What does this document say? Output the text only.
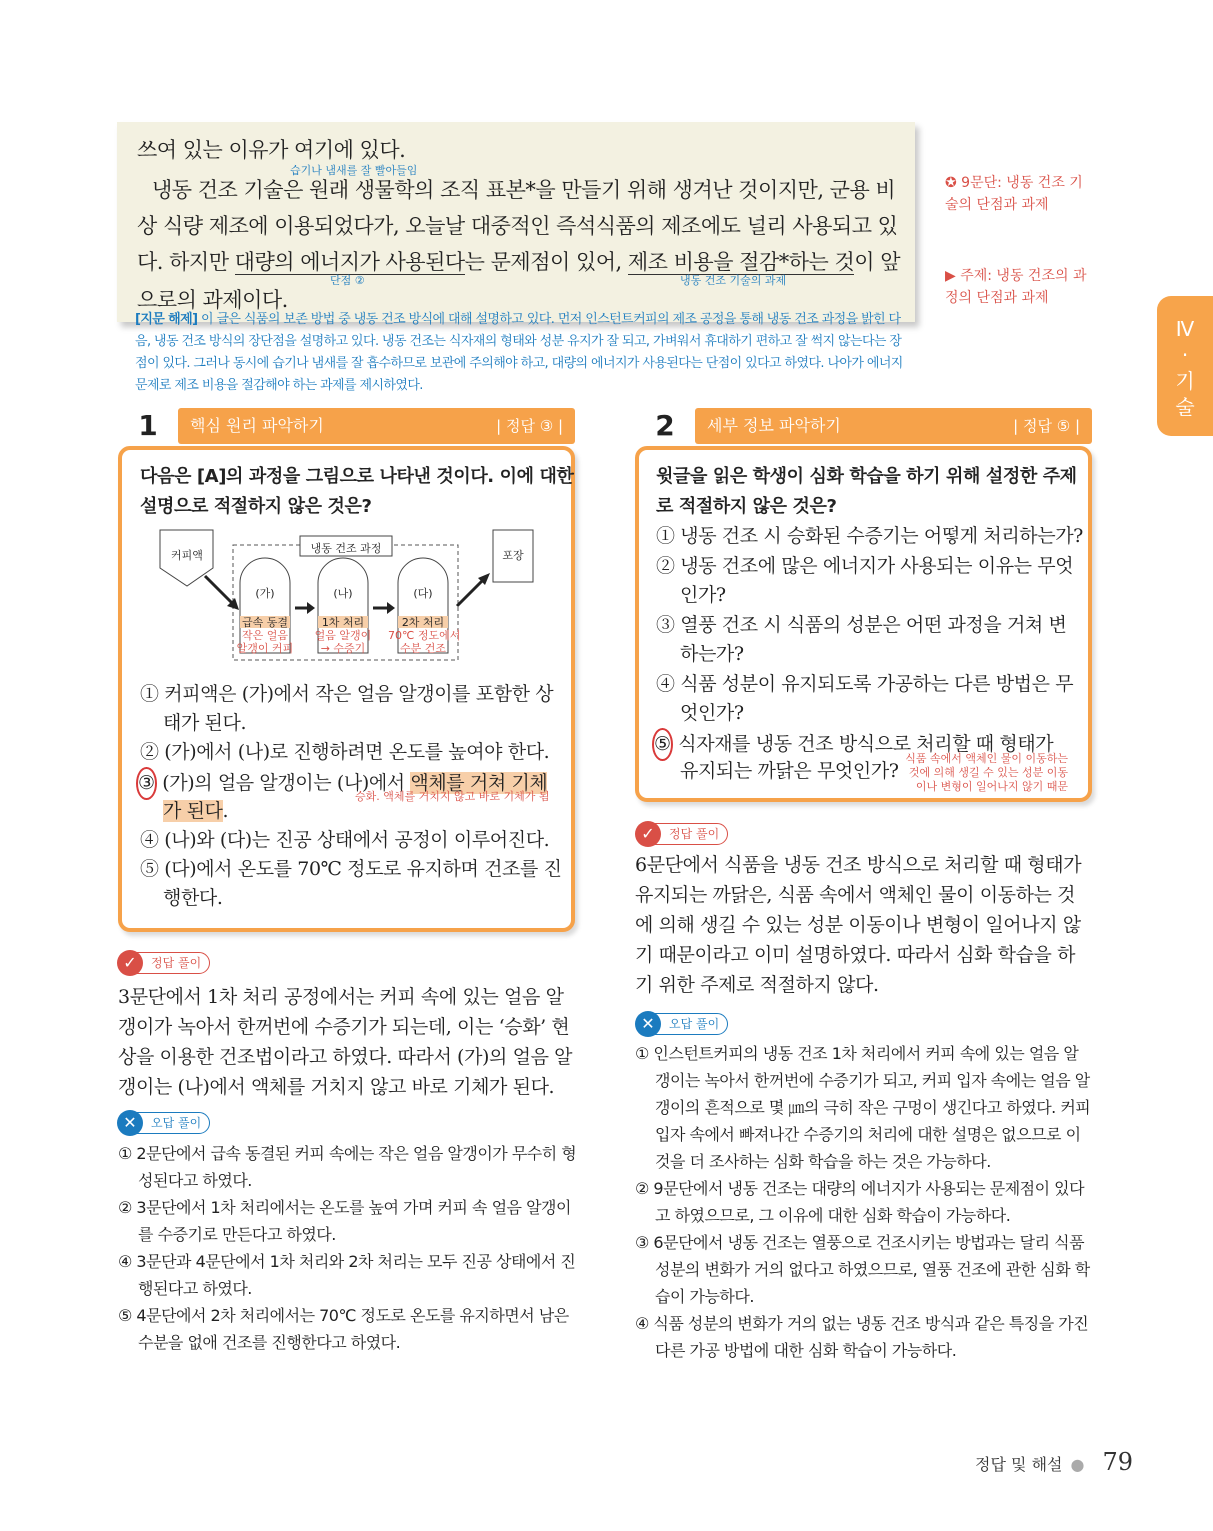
쓰여 있는 이유가 여기에 있다.
습기나 냄새를 잘 빨아들임
냉동 건조 기술은 원래 생물학의 조직 표본*을 만들기 위해 생겨난 것이지만, 군용 비
상 식량 제조에 이용되었다가, 오늘날 대중적인 즉석식품의 제조에도 널리 사용되고 있
다. 하지만 대량의 에너지가 사용된다는 문제점이 있어, 제조 비용을 절감*하는 것이 앞
단점 ②	냉동 건조 기술의 과제
으로의 과제이다.
[지문 해제] 이 글은 식품의 보존 방법 중 냉동 건조 방식에 대해 설명하고 있다. 먼저 인스턴트커피의 제조 공정을 통해 냉동 건조 과정을 밝힌 다음, 냉동 건조 방식의 장단점을 설명하고 있다. 냉동 건조는 식자재의 형태와 성분 유지가 잘 되고, 가벼워서 휴대하기 편하고 잘 썩지 않는다는 장점이 있다. 그러나 동시에 습기나 냄새를 잘 흡수하므로 보관에 주의해야 하고, 대량의 에너지가 사용된다는 단점이 있다고 하였다. 나아가 에너지 문제로 제조 비용을 절감해야 하는 과제를 제시하였다.
✪ 9문단: 냉동 건조 기술의 단점과 과제
▶ 주제: 냉동 건조의 과정의 단점과 과제
Ⅳ
·
기
술
1	핵심 원리 파악하기	| 정답 ③ |
다음은 [A]의 과정을 그림으로 나타낸 것이다. 이에 대한
설명으로 적절하지 않은 것은?
커피액
냉동 건조 과정
포장
(가)	(나)	(다)
급속 동결
작은 얼음
알갱이 커피
1차 처리
얼음 알갱이
→ 수증기
2차 처리
70℃ 정도에서
수분 건조
① 커피액은 (가)에서 작은 얼음 알갱이를 포함한 상
태가 된다.
② (가)에서 (나)로 진행하려면 온도를 높여야 한다.
③ (가)의 얼음 알갱이는 (나)에서 액체를 거쳐 기체
승화. 액체를 거치지 않고 바로 기체가 됨
가 된다.
④ (나)와 (다)는 진공 상태에서 공정이 이루어진다.
⑤ (다)에서 온도를 70℃ 정도로 유지하며 건조를 진
행한다.
2	세부 정보 파악하기	| 정답 ⑤ |
윗글을 읽은 학생이 심화 학습을 하기 위해 설정한 주제
로 적절하지 않은 것은?
① 냉동 건조 시 승화된 수증기는 어떻게 처리하는가?
② 냉동 건조에 많은 에너지가 사용되는 이유는 무엇
인가?
③ 열풍 건조 시 식품의 성분은 어떤 과정을 거쳐 변
하는가?
④ 식품 성분이 유지되도록 가공하는 다른 방법은 무
엇인가?
⑤ 식자재를 냉동 건조 방식으로 처리할 때 형태가
유지되는 까닭은 무엇인가?
식품 속에서 액체인 물이 이동하는
것에 의해 생길 수 있는 성분 이동
이나 변형이 일어나지 않기 때문
✓	정답 풀이
3문단에서 1차 처리 공정에서는 커피 속에 있는 얼음 알갱이가 녹아서 한꺼번에 수증기가 되는데, 이는 ‘승화’ 현상을 이용한 건조법이라고 하였다. 따라서 (가)의 얼음 알갱이는 (나)에서 액체를 거치지 않고 바로 기체가 된다.
✕	오답 풀이
① 2문단에서 급속 동결된 커피 속에는 작은 얼음 알갱이가 무수히 형성된다고 하였다.
② 3문단에서 1차 처리에서는 온도를 높여 가며 커피 속 얼음 알갱이를 수증기로 만든다고 하였다.
④ 3문단과 4문단에서 1차 처리와 2차 처리는 모두 진공 상태에서 진행된다고 하였다.
⑤ 4문단에서 2차 처리에서는 70℃ 정도로 온도를 유지하면서 남은 수분을 없애 건조를 진행한다고 하였다.
✓	정답 풀이
6문단에서 식품을 냉동 건조 방식으로 처리할 때 형태가 유지되는 까닭은, 식품 속에서 액체인 물이 이동하는 것에 의해 생길 수 있는 성분 이동이나 변형이 일어나지 않기 때문이라고 이미 설명하였다. 따라서 심화 학습을 하기 위한 주제로 적절하지 않다.
✕	오답 풀이
① 인스턴트커피의 냉동 건조 1차 처리에서 커피 속에 있는 얼음 알갱이는 녹아서 한꺼번에 수증기가 되고, 커피 입자 속에는 얼음 알갱이의 흔적으로 몇 ㎛의 극히 작은 구멍이 생긴다고 하였다. 커피 입자 속에서 빠져나간 수증기의 처리에 대한 설명은 없으므로 이것을 더 조사하는 심화 학습을 하는 것은 가능하다.
② 9문단에서 냉동 건조는 대량의 에너지가 사용되는 문제점이 있다고 하였으므로, 그 이유에 대한 심화 학습이 가능하다.
③ 6문단에서 냉동 건조는 열풍으로 건조시키는 방법과는 달리 식품 성분의 변화가 거의 없다고 하였으므로, 열풍 건조에 관한 심화 학습이 가능하다.
④ 식품 성분의 변화가 거의 없는 냉동 건조 방식과 같은 특징을 가진 다른 가공 방법에 대한 심화 학습이 가능하다.
정답 및 해설 ● 79
